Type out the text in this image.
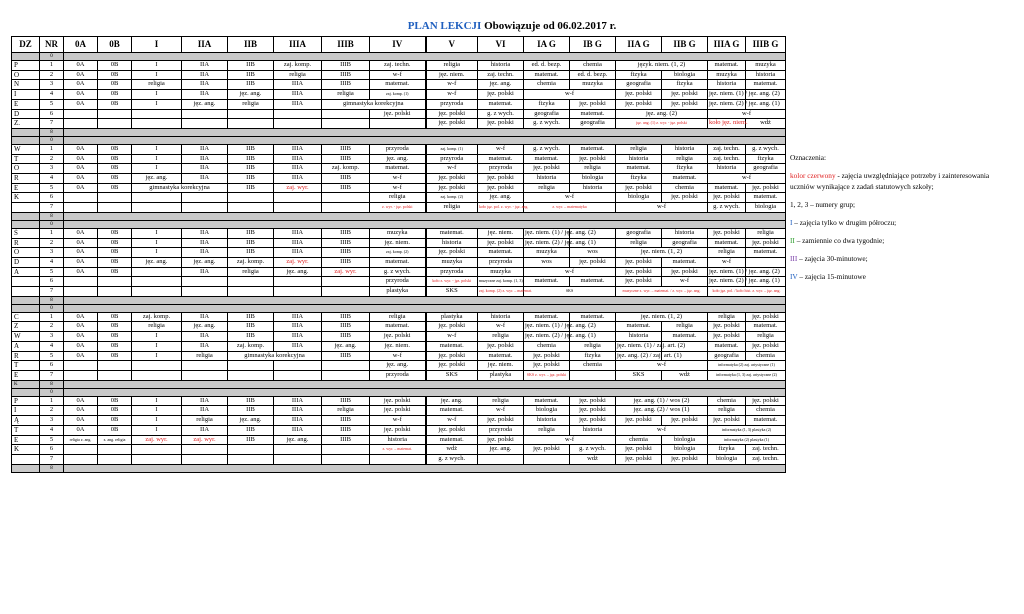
PLAN LEKCJI Obowiązuje od 06.02.2017 r.
DZ	NR	0A	0B	I	IIA	IIB	IIIA	IIIB	IV	V	VI	IA G	IB G	IIA G	IIB G	IIIA G	IIIB G
	0																
P	1	0A	0B	I	IIA	IIB	zaj. komp.	IIIB	zaj. techn.	religia	historia	ed. d. bezp.	chemia	język. niem. (1, 2)		matemat.	muzyka
O	2	0A	0B	I	IIA	IIB	religia	IIIB	w-f	jęz. niem.	zaj. techn.	matemat.	ed. d. bezp.	fizyka	biologia	muzyka	historia
N	3	0A	0B	religia	IIA	IIB	IIIA	IIIB	matemat.	w-f	jęz. ang.	chemia	muzyka	geografia	fizyka	historia	matemat.
I	4	0A	0B	I	IIA	jęz. ang.	IIIA	religia	zaj. komp. (1)	w-f	jęz. polski	w-f		jęz. polski	jęz. polski	jęz. niem. (1) / jęz. ang. (2)	
E	5	0A	0B	I	jęz. ang.	religia	IIIA	gimnastyka korekcyjna		przyroda	matemat.	fizyka	jęz. polski	jęz. polski	jęz. polski	jęz. niem. (2) / jęz. ang. (1)	
D	6								jęz. polski	jęz. polski	g. z wych.	geografia	matemat.	jęz. ang. (2)		w-f	
Z.	7									jęz. polski	jęz. polski	g. z wych.	geografia	jęz. ang. (1) z. wyr. - jęz. polski		koło jęz. niem.	wdż
	8																
	0																
W	1	0A	0B	I	IIA	IIB	IIIA	IIIB	przyroda	zaj. komp. (1)	w-f	g. z wych.	matemat.	religia	historia	zaj. techn.	g. z wych.
T	2	0A	0B	I	IIA	IIB	IIIA	IIIB	jęz. ang.	przyroda	matemat.	matemat.	jęz. polski	historia	religia	zaj. techn.	fizyka
O	3	0A	0B	I	IIA	IIB	IIIA	zaj. komp.	matemat.	w-f	przyroda	jęz. polski	religia	matemat.	fizyka	historia	geografia
R	4	0A	0B	jęz. ang.	IIA	IIB	IIIA	IIIB	w-f	jęz. polski	jęz. polski	historia	biologia	fizyka	matemat.	w-f	
E	5	0A	0B	gimnastyka korekcyjna		IIB	zaj. wyr.	IIIB	w-f	jęz. polski	jęz. polski	religia	historia	jęz. polski	chemia	matemat.	jęz. polski
K	6								religia	zaj. komp. (2)	jęz. ang.	w-f		biologia	jęz. polski	jęz. polski	matemat.
	7								z. wyr. - jęz. polski	religia	koło jęz. pol. z. wyr. - jęz. ang.	z. wyr. – matematyka		w-f		g. z wych.	biologia
	8																
	0																
Ś	1	0A	0B	I	IIA	IIB	IIIA	IIIB	muzyka	matemat.	jęz. niem.	jęz. niem. (1) / jęz. ang. (2)		geografia	historia	jęz. polski	religia
R	2	0A	0B	I	IIA	IIB	IIIA	IIIB	jęz. niem.	historia	jęz. polski	jęz. niem. (2) / jęz. ang. (1)		religia	geografia	matemat.	jęz. polski
O	3	0A	0B	I	IIA	IIB	IIIA	IIIB	zaj. komp. (2)	jęz. polski	matemat.	muzyka	wos	jęz. niem. (1, 2)		religia	matemat.
D	4	0A	0B	jęz. ang.	jęz. ang.	zaj. komp.	zaj. wyr.	IIIB	matemat.	muzyka	przyroda	wos	jęz. polski	jęz. polski	matemat.	w-f	
A	5	0A	0B		IIA	religia	jęz. ang.	zaj. wyr.	g. z wych.	przyroda	muzyka	w-f		jęz. polski	jęz. polski	jęz. niem. (1) / jęz. ang. (2)	
	6								przyroda	koło z. wyr. - jęz. polski	muzyczne zaj. komp. (1, 3)	matemat.	matemat.	jęz. polski	w-f	jęz. niem. (2) / jęz. ang. (1)	
	7								plastyka	SKS	zaj. komp. (2) z. wyr. – matemat.	SKS		muzyczne z. wyr. – matemat. / z. wyr. – jęz. ang.		koło jęz. pol. / koło hist. z. wyr. – jęz. ang.	
	8																
	0																
C	1	0A	0B	zaj. komp.	IIA	IIB	IIIA	IIIB	religia	plastyka	historia	matemat.	matemat.	jęz. niem. (1, 2)		religia	jęz. polski
Z	2	0A	0B	religia	jęz. ang.	IIB	IIIA	IIIB	matemat.	jęz. polski	w-f	jęz. niem. (1) / jęz. ang. (2)		matemat.	religia	jęz. polski	matemat.
W	3	0A	0B	I	IIA	IIB	IIIA	IIIB	jęz. polski	w-f	religia	jęz. niem. (2) / jęz. ang. (1)		historia	matemat.	jęz. polski	religia
A	4	0A	0B	I	IIA	zaj. komp.	IIIA	jęz. ang.	jęz. niem.	matemat.	jęz. polski	chemia	religia	jęz. niem. (1) / zaj. art. (2)		matemat.	jęz. polski
R	5	0A	0B	I	religia	gimnastyka korekcyjna		IIIB	w-f	jęz. polski	matemat.	jęz. polski	fizyka	jęz. ang. (2) / zaj. art. (1)		geografia	chemia
T	6								jęz. ang.	jęz. polski	jęz. niem.	jęz. polski	chemia	w-f		informatyka (2) zaj. artystyczne (1)	
E	7								przyroda	SKS	plastyka	SKS z. wyr. – jęz. polski		SKS	wdż	informatyka (1, 3) zaj. artystyczne (2)	
K	8																
	0																
P	1	0A	0B	I	IIA	IIB	IIIA	IIIB	jęz. polski	jęz. ang.	religia	matemat.	jęz. polski	jęz. ang. (1) / wos (2)		chemia	jęz. polski
I	2	0A	0B	I	IIA	IIB	IIIA	religia	jęz. polski	matemat.	w-f	biologia	jęz. polski	jęz. ang. (2) / wos (1)		religia	chemia
Ą	3	0A	0B	I	religia	jęz. ang.	IIIA	IIIB	w-f	w-f	jęz. polski	historia	jęz. polski	jęz. polski	jęz. polski	jęz. polski	matemat.
T	4	0A	0B	I	IIA	IIB	IIIA	IIIB	jęz. polski	jęz. polski	przyroda	religia	historia	w-f		informatyka (1, 3) plastyka (2)	
E	5	religia z. ang.	z. ang. religia	zaj. wyr.	zaj. wyr.	IIB	jęz. ang.	IIIB	historia	matemat.	jęz. polski	w-f		chemia	biologia	informatyka (2) plastyka (1)	
K	6								z. wyr. – matemat.	wdż	jęz. ang.	jęz. polski	g. z wych.	jęz. polski	biologia	fizyka	zaj. techn.
	7									g. z wych.			wdż	jęz. polski	jęz. polski	biologia	zaj. techn.
	8																
Oznaczenia:
kolor czerwony - zajęcia uwzględniające potrzeby i zainteresowania uczniów wynikające z zadań statutowych szkoły;
1, 2, 3 – numery grup;
I – zajęcia tylko w drugim półroczu;
II – zamiennie co dwa tygodnie;
III – zajęcia 30-minutowe;
IV – zajęcia 15-minutowe
